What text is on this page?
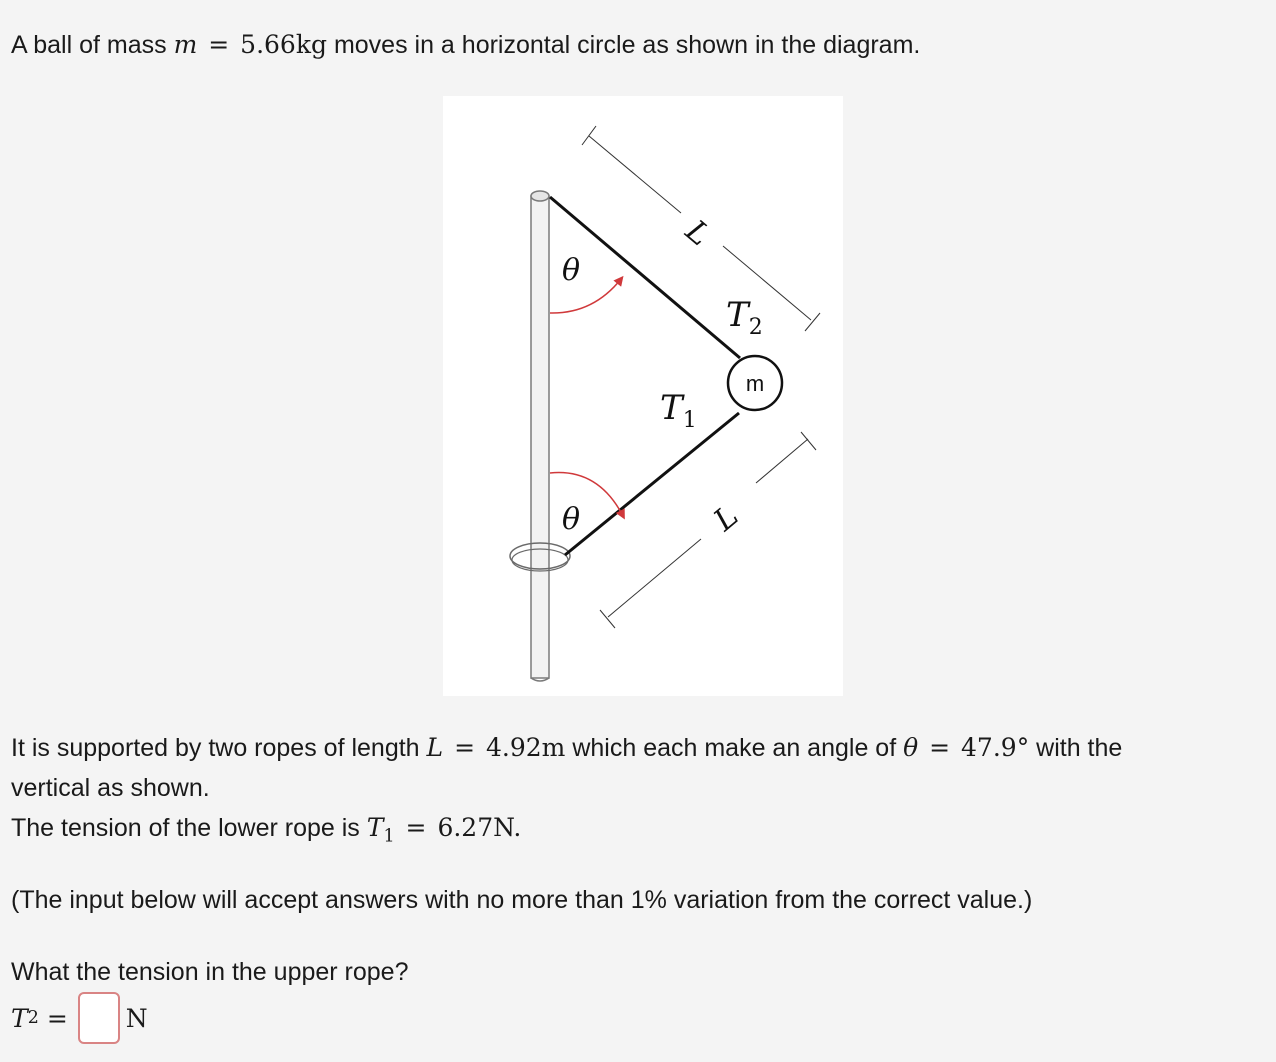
A ball of mass m = 5.66kg moves in a horizontal circle as shown in the diagram.
m
θ
θ
$T_2$
$T_1$
L
L
It is supported by two ropes of length L = 4.92m which each make an angle of θ = 47.9° with the
vertical as shown.
The tension of the lower rope is $T_1 = 6.27N$.
(The input below will accept answers with no more than 1% variation from the correct value.)
What the tension in the upper rope?
T 2 = N
